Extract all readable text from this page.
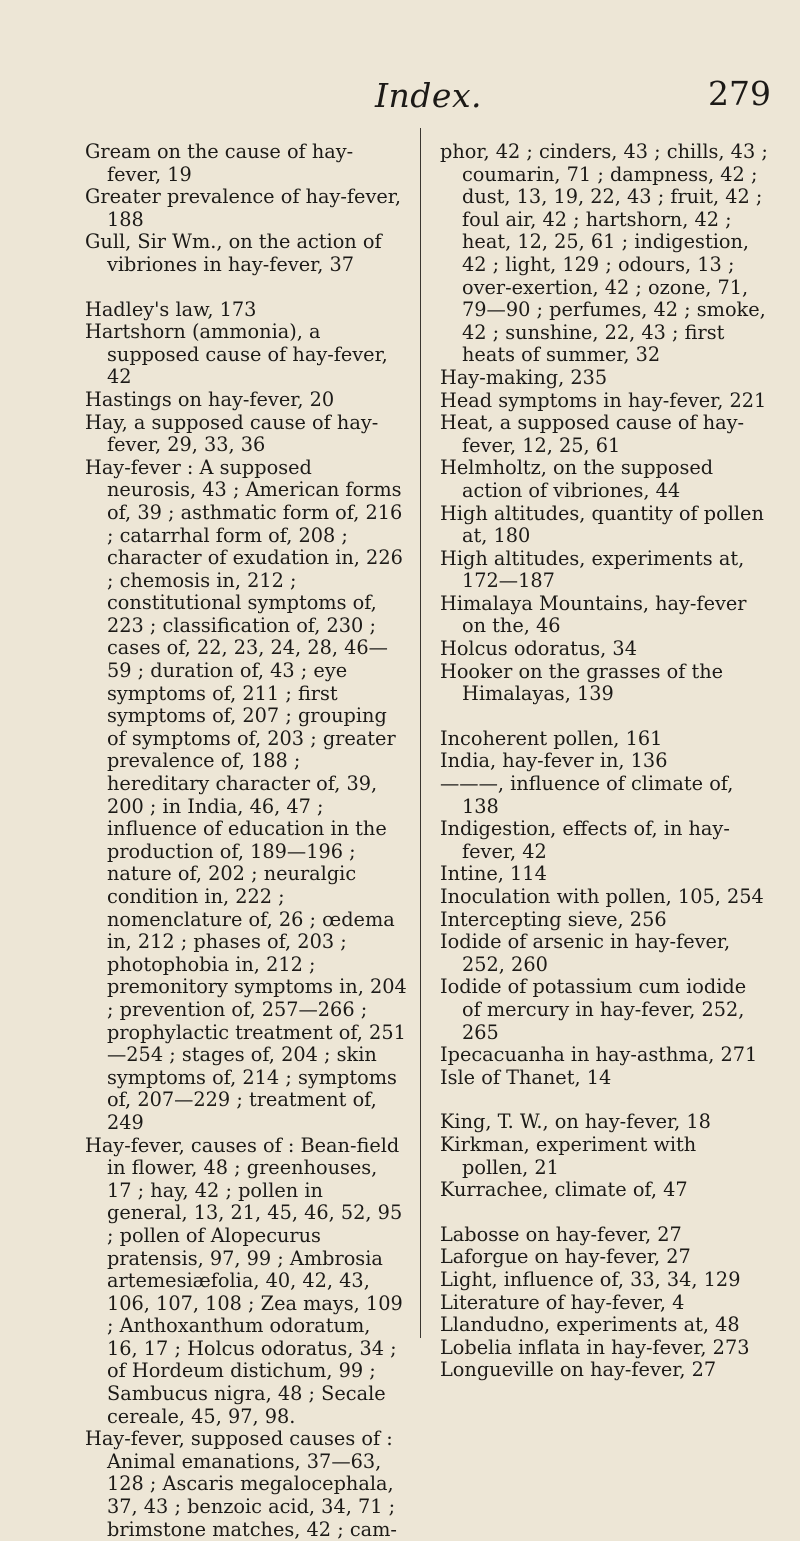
Index.	279

Gream on the cause of hay-fever, 19

Greater prevalence of hay-fever, 188

Gull, Sir Wm., on the action of vibriones in hay-fever, 37

Hadley's law, 173

Hartshorn (ammonia), a supposed cause of hay-fever, 42

Hastings on hay-fever, 20

Hay, a supposed cause of hay-fever, 29, 33, 36

Hay-fever : A supposed neurosis, 43 ; American forms of, 39 ; asthmatic form of, 216 ; catarrhal form of, 208 ; character of exudation in, 226 ; chemosis in, 212 ; constitutional symptoms of, 223 ; classification of, 230 ; cases of, 22, 23, 24, 28, 46—59 ; duration of, 43 ; eye symptoms of, 211 ; first symptoms of, 207 ; grouping of symptoms of, 203 ; greater prevalence of, 188 ; hereditary character of, 39, 200 ; in India, 46, 47 ; influence of education in the production of, 189—196 ; nature of, 202 ; neuralgic condition in, 222 ; nomenclature of, 26 ; œdema in, 212 ; phases of, 203 ; photophobia in, 212 ; premonitory symptoms in, 204 ; prevention of, 257—266 ; prophylactic treatment of, 251—254 ; stages of, 204 ; skin symptoms of, 214 ; symptoms of, 207—229 ; treatment of, 249

Hay-fever, causes of : Bean-field in flower, 48 ; greenhouses, 17 ; hay, 42 ; pollen in general, 13, 21, 45, 46, 52, 95 ; pollen of Alopecurus pratensis, 97, 99 ; Ambrosia artemesiæfolia, 40, 42, 43, 106, 107, 108 ; Zea mays, 109 ; Anthoxanthum odoratum, 16, 17 ; Holcus odoratus, 34 ; of Hordeum distichum, 99 ; Sambucus nigra, 48 ; Secale cereale, 45, 97, 98.

Hay-fever, supposed causes of : Animal emanations, 37—63, 128 ; Ascaris megalocephala, 37, 43 ; benzoic acid, 34, 71 ; brimstone matches, 42 ; cam-

phor, 42 ; cinders, 43 ; chills, 43 ; coumarin, 71 ; dampness, 42 ; dust, 13, 19, 22, 43 ; fruit, 42 ; foul air, 42 ; hartshorn, 42 ; heat, 12, 25, 61 ; indigestion, 42 ; light, 129 ; odours, 13 ; over-exertion, 42 ; ozone, 71, 79—90 ; perfumes, 42 ; smoke, 42 ; sunshine, 22, 43 ; first heats of summer, 32

Hay-making, 235

Head symptoms in hay-fever, 221

Heat, a supposed cause of hay-fever, 12, 25, 61

Helmholtz, on the supposed action of vibriones, 44

High altitudes, quantity of pollen at, 180

High altitudes, experiments at, 172—187

Himalaya Mountains, hay-fever on the, 46

Holcus odoratus, 34

Hooker on the grasses of the Himalayas, 139

Incoherent pollen, 161

India, hay-fever in, 136

———, influence of climate of, 138

Indigestion, effects of, in hay-fever, 42

Intine, 114

Inoculation with pollen, 105, 254

Intercepting sieve, 256

Iodide of arsenic in hay-fever, 252, 260

Iodide of potassium cum iodide of mercury in hay-fever, 252, 265

Ipecacuanha in hay-asthma, 271

Isle of Thanet, 14

King, T. W., on hay-fever, 18

Kirkman, experiment with pollen, 21

Kurrachee, climate of, 47

Labosse on hay-fever, 27

Laforgue on hay-fever, 27

Light, influence of, 33, 34, 129

Literature of hay-fever, 4

Llandudno, experiments at, 48

Lobelia inflata in hay-fever, 273

Longueville on hay-fever, 27
